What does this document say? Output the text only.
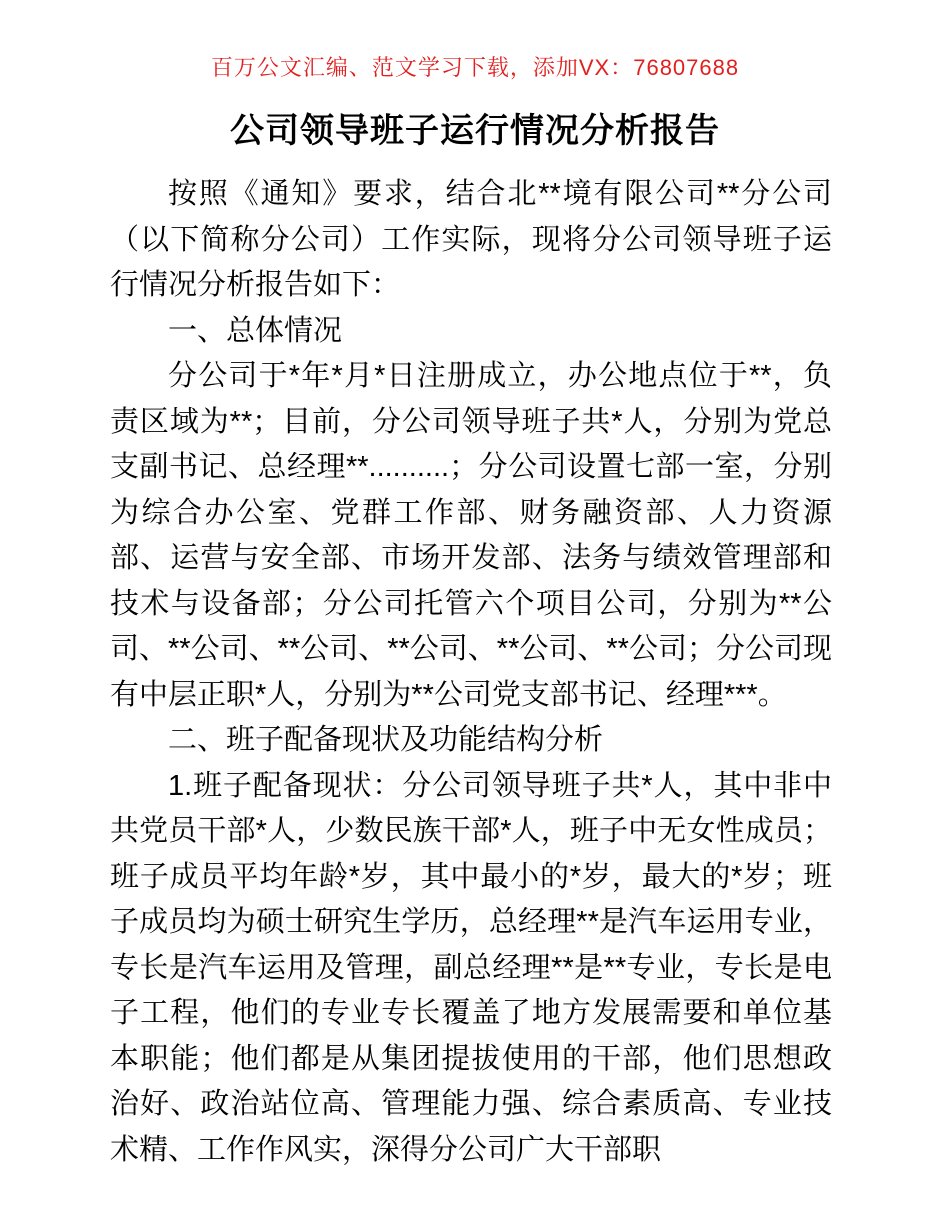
百万公文汇编、范文学习下载，添加VX：76807688
公司领导班子运行情况分析报告

按照《通知》要求，结合北**境有限公司**分公司（以下简称分公司）工作实际，现将分公司领导班子运行情况分析报告如下：

一、总体情况

分公司于*年*月*日注册成立，办公地点位于**，负责区域为**；目前，分公司领导班子共*人，分别为党总支副书记、总经理**..........；分公司设置七部一室，分别为综合办公室、党群工作部、财务融资部、人力资源部、运营与安全部、市场开发部、法务与绩效管理部和技术与设备部；分公司托管六个项目公司，分别为**公司、**公司、**公司、**公司、**公司、**公司；分公司现有中层正职*人，分别为**公司党支部书记、经理***。

二、班子配备现状及功能结构分析

1.班子配备现状：分公司领导班子共*人，其中非中共党员干部*人，少数民族干部*人，班子中无女性成员；班子成员平均年龄*岁，其中最小的*岁，最大的*岁；班子成员均为硕士研究生学历，总经理**是汽车运用专业，专长是汽车运用及管理，副总经理**是**专业，专长是电子工程，他们的专业专长覆盖了地方发展需要和单位基本职能；他们都是从集团提拔使用的干部，他们思想政治好、政治站位高、管理能力强、综合素质高、专业技术精、工作作风实，深得分公司广大干部职
